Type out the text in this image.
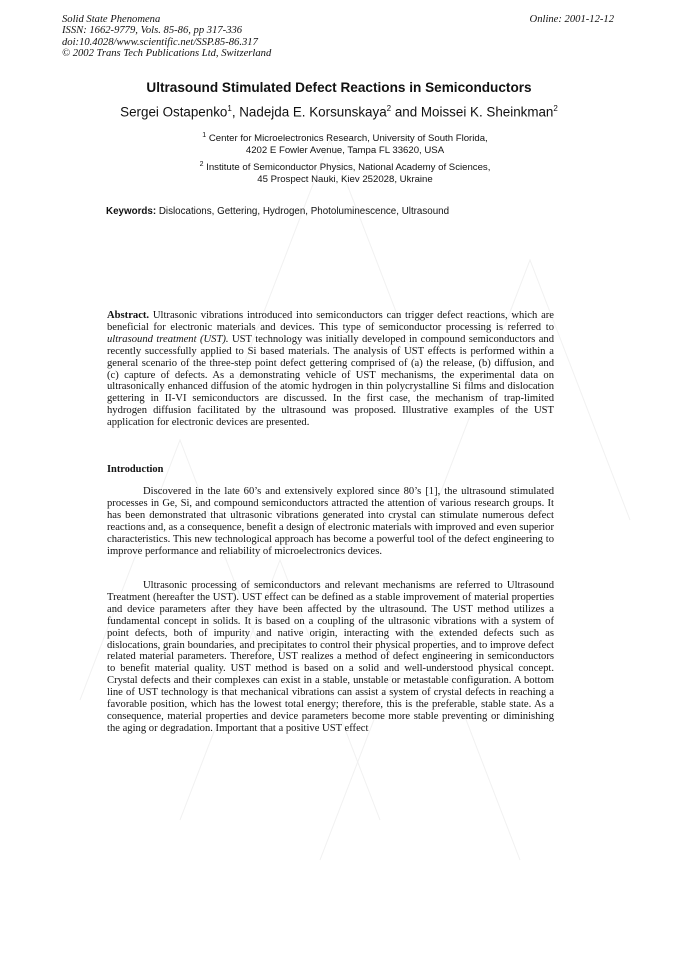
Solid State Phenomena
ISSN: 1662-9779, Vols. 85-86, pp 317-336
doi:10.4028/www.scientific.net/SSP.85-86.317
© 2002 Trans Tech Publications Ltd, Switzerland
Online: 2001-12-12
Ultrasound Stimulated Defect Reactions in Semiconductors
Sergei Ostapenko$^1$, Nadejda E. Korsunskaya$^2$ and Moissei K. Sheinkman$^2$
$^1$ Center for Microelectronics Research, University of South Florida,
4202 E Fowler Avenue, Tampa FL 33620, USA
$^2$ Institute of Semiconductor Physics, National Academy of Sciences,
45 Prospect Nauki, Kiev 252028, Ukraine
Keywords: Dislocations, Gettering, Hydrogen, Photoluminescence, Ultrasound
Abstract. Ultrasonic vibrations introduced into semiconductors can trigger defect reactions, which are beneficial for electronic materials and devices. This type of semiconductor processing is referred to ultrasound treatment (UST). UST technology was initially developed in compound semiconductors and recently successfully applied to Si based materials. The analysis of UST effects is performed within a general scenario of the three-step point defect gettering comprised of (a) the release, (b) diffusion, and (c) capture of defects. As a demonstrating vehicle of UST mechanisms, the experimental data on ultrasonically enhanced diffusion of the atomic hydrogen in thin polycrystalline Si films and dislocation gettering in II-VI semiconductors are discussed. In the first case, the mechanism of trap-limited hydrogen diffusion facilitated by the ultrasound was proposed. Illustrative examples of the UST application for electronic devices are presented.
Introduction
Discovered in the late 60’s and extensively explored since 80’s [1], the ultrasound stimulated processes in Ge, Si, and compound semiconductors attracted the attention of various research groups. It has been demonstrated that ultrasonic vibrations generated into crystal can stimulate numerous defect reactions and, as a consequence, benefit a design of electronic materials with improved and even superior characteristics. This new technological approach has become a powerful tool of the defect engineering to improve performance and reliability of microelectronics devices.
Ultrasonic processing of semiconductors and relevant mechanisms are referred to Ultrasound Treatment (hereafter the UST). UST effect can be defined as a stable improvement of material properties and device parameters after they have been affected by the ultrasound. The UST method utilizes a fundamental concept in solids. It is based on a coupling of the ultrasonic vibrations with a system of point defects, both of impurity and native origin, interacting with the extended defects such as dislocations, grain boundaries, and precipitates to control their physical properties, and to improve defect related material parameters. Therefore, UST realizes a method of defect engineering in semiconductors to benefit material quality. UST method is based on a solid and well-understood physical concept. Crystal defects and their complexes can exist in a stable, unstable or metastable configuration. A bottom line of UST technology is that mechanical vibrations can assist a system of crystal defects in reaching a favorable position, which has the lowest total energy; therefore, this is the preferable, stable state. As a consequence, material properties and device parameters become more stable preventing or diminishing the aging or degradation. Important that a positive UST effect
